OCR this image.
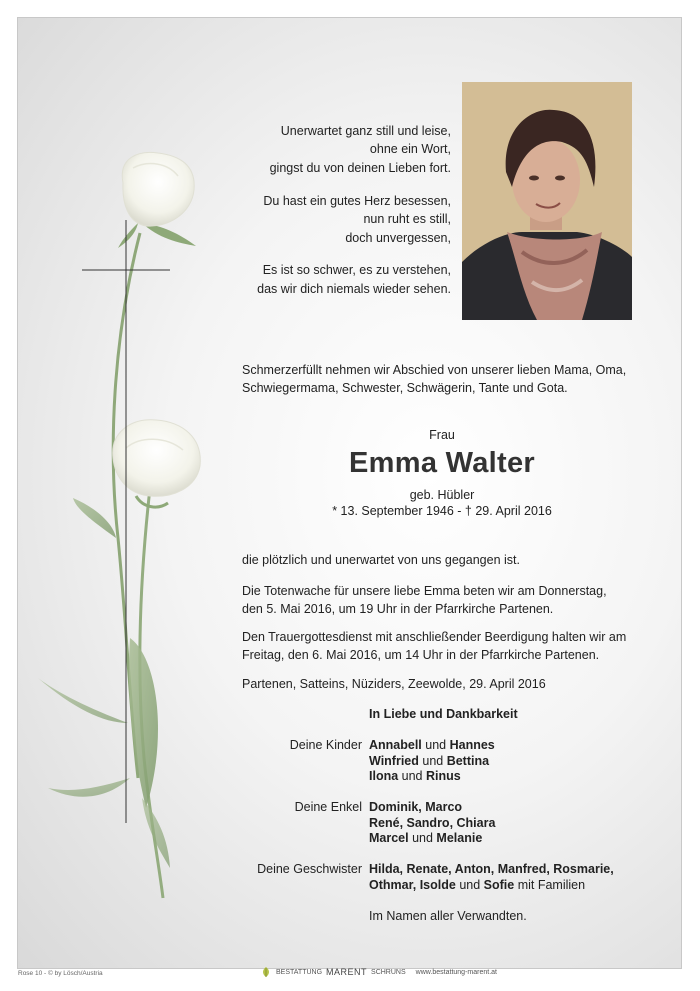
Unerwartet ganz still und leise,
ohne ein Wort,
gingst du von deinen Lieben fort.
Du hast ein gutes Herz besessen,
nun ruht es still,
doch unvergessen,
Es ist so schwer, es zu verstehen,
das wir dich niemals wieder sehen.
Schmerzerfüllt nehmen wir Abschied von unserer lieben Mama, Oma,
Schwiegermama, Schwester, Schwägerin, Tante und Gota.
Frau
Emma Walter
geb. Hübler
* 13. September 1946 - † 29. April 2016
die plötzlich und unerwartet von uns gegangen ist.
Die Totenwache für unsere liebe Emma beten wir am Donnerstag,
den 5. Mai 2016, um 19 Uhr in der Pfarrkirche Partenen.
Den Trauergottesdienst mit anschließender Beerdigung halten wir am
Freitag, den 6. Mai 2016, um 14 Uhr in der Pfarrkirche Partenen.
Partenen, Satteins, Nüziders, Zeewolde, 29. April 2016
In Liebe und Dankbarkeit
Deine Kinder Annabell und Hannes
Winfried und Bettina
Ilona und Rinus
Deine Enkel Dominik, Marco
René, Sandro, Chiara
Marcel und Melanie
Deine Geschwister Hilda, Renate, Anton, Manfred, Rosmarie,
Othmar, Isolde und Sofie mit Familien
Im Namen aller Verwandten.
Rose 10 - © by Lösch/Austria	BESTATTUNG MARENT SCHRUNS www.bestattung-marent.at
